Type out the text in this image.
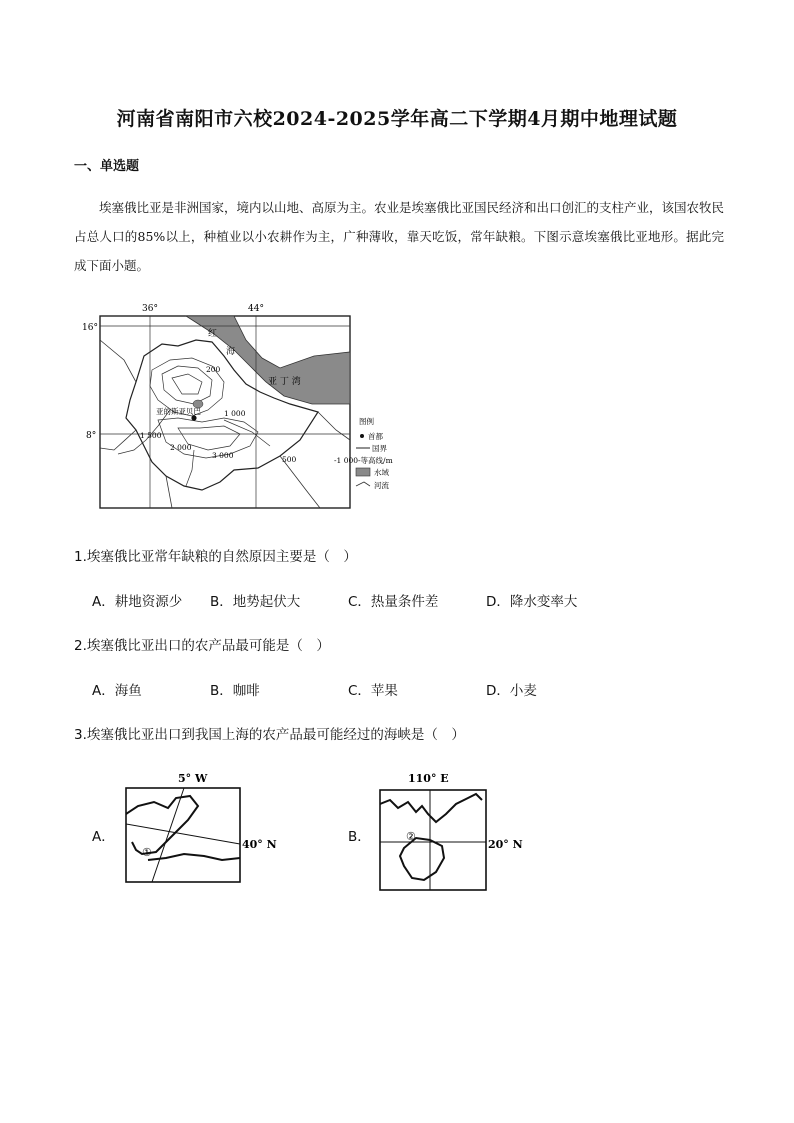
河南省南阳市六校2024-2025学年高二下学期4月期中地理试题
一、单选题
埃塞俄比亚是非洲国家，境内以山地、高原为主。农业是埃塞俄比亚国民经济和出口创汇的支柱产业，该国农牧民占总人口的85%以上，种植业以小农耕作为主，广种薄收，靠天吃饭，常年缺粮。下图示意埃塞俄比亚地形。据此完成下面小题。
36°	44°
16°
8°
红
海
亚 丁 湾
亚的斯亚贝巴	1 000
2 000
3 000
1 500
500
200
图例
首都
国界
-1 000-等高线/m
水域
河流
1.埃塞俄比亚常年缺粮的自然原因主要是（　）
A．耕地资源少 B．地势起伏大	C．热量条件差	D．降水变率大
2.埃塞俄比亚出口的农产品最可能是（　）
A．海鱼	B．咖啡	C．苹果	D．小麦
3.埃塞俄比亚出口到我国上海的农产品最可能经过的海峡是（　）
A．
5° W
40° N
①
B．
110° E
20° N
②
